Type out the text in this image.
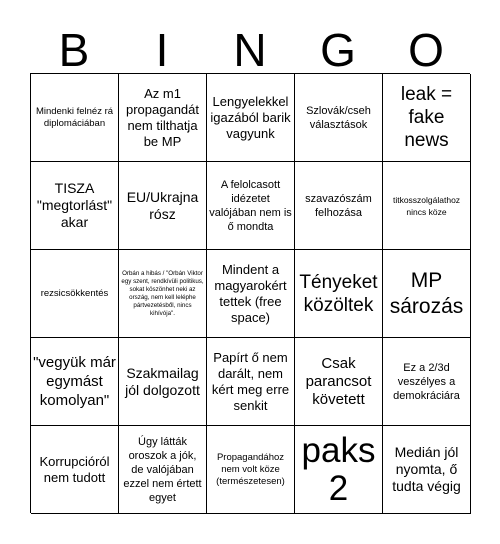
B	I	N	G	O
Mindenki felnéz rá diplomáciában
Az m1 propagandát nem tilthatja be MP
Lengyelekkel igazából barik vagyunk
Szlovák/cseh választások
leak = fake news
TISZA "megtorlást" akar
EU/Ukrajna rósz
A felolcasott idézetet valójában nem is ő mondta
szavazószám felhozása
titkosszolgálathoz nincs köze
rezsicsökkentés
Orbán a hibás / "Orbán Viktor egy szent, rendkívüli politikus, sokat köszönhet neki az ország, nem kell leléphe pártvezetésből, nincs kihívója".
Mindent a magyarokért tettek (free space)
Tényeket közöltek
MP sározás
"vegyük már egymást komolyan"
Szakmailag jól dolgozott
Papírt ő nem darált, nem kért meg erre senkit
Csak parancsot követett
Ez a 2/3d veszélyes a demokráciára
Korrupcióról nem tudott
Úgy látták oroszok a jók, de valójában ezzel nem értett egyet
Propagandához nem volt köze (természetesen)
paks 2
Medián jól nyomta, ő tudta végig
